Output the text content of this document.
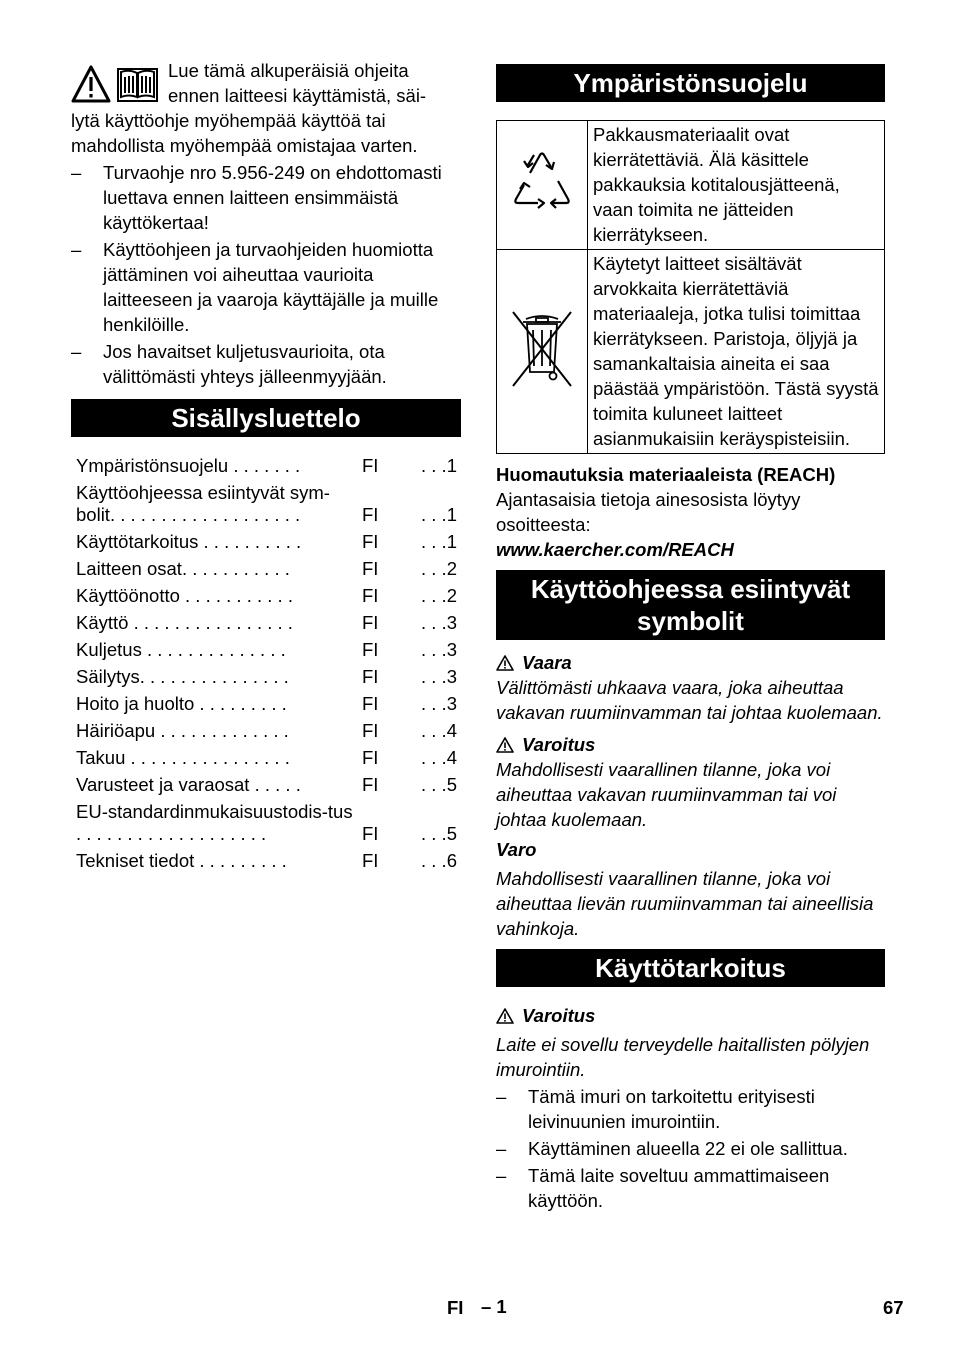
Lue tämä alkuperäisiä ohjeita

ennen laitteesi käyttämistä, säi-

lytä käyttöohje myöhempää käyttöä tai mahdollista myöhempää omistajaa varten.

–	Turvaohje nro 5.956-249 on ehdottomasti luettava ennen laitteen ensimmäistä käyttökertaa!
–	Käyttöohjeen ja turvaohjeiden huomiotta jättäminen voi aiheuttaa vaurioita laitteeseen ja vaaroja käyttäjälle ja muille henkilöille.
–	Jos havaitset kuljetusvaurioita, ota välittömästi yhteys jälleenmyyjään.
Sisällysluettelo
Ympäristönsuojelu . . . . . . .	FI	. . .1
Käyttöohjeessa esiintyvät sym-bolit. . . . . . . . . . . . . . . . . . .	FI	. . .1
Käyttötarkoitus . . . . . . . . . .	FI	. . .1
Laitteen osat. . . . . . . . . . .	FI	. . .2
Käyttöönotto . . . . . . . . . . .	FI	. . .2
Käyttö . . . . . . . . . . . . . . . .	FI	. . .3
Kuljetus . . . . . . . . . . . . . .	FI	. . .3
Säilytys. . . . . . . . . . . . . . .	FI	. . .3
Hoito ja huolto . . . . . . . . .	FI	. . .3
Häiriöapu . . . . . . . . . . . . .	FI	. . .4
Takuu . . . . . . . . . . . . . . . .	FI	. . .4
Varusteet ja varaosat . . . . .	FI	. . .5
EU-standardinmukaisuustodis-tus . . . . . . . . . . . . . . . . . . .	FI	. . .5
Tekniset tiedot . . . . . . . . .	FI	. . .6
Ympäristönsuojelu
	Pakkausmateriaalit ovat kierrätettäviä. Älä käsittele pakkauksia kotitalousjätteenä, vaan toimita ne jätteiden kierrätykseen.
	Käytetyt laitteet sisältävät arvokkaita kierrätettäviä materiaaleja, jotka tulisi toimittaa kierrätykseen. Paristoja, öljyjä ja samankaltaisia aineita ei saa päästää ympäristöön. Tästä syystä toimita kuluneet laitteet asianmukaisiin keräyspisteisiin.

Huomautuksia materiaaleista (REACH)

Ajantasaisia tietoja ainesosista löytyy osoitteesta:

www.kaercher.com/REACH

Käyttöohjeessa esiintyvät
symbolit
Vaara

Välittömästi uhkaava vaara, joka aiheuttaa vakavan ruumiinvamman tai johtaa kuolemaan.

Varoitus

Mahdollisesti vaarallinen tilanne, joka voi aiheuttaa vakavan ruumiinvamman tai voi johtaa kuolemaan.

Varo

Mahdollisesti vaarallinen tilanne, joka voi aiheuttaa lievän ruumiinvamman tai aineellisia vahinkoja.

Käyttötarkoitus
Varoitus

Laite ei sovellu terveydelle haitallisten pölyjen imurointiin.

–	Tämä imuri on tarkoitettu erityisesti leivinuunien imurointiin.
–	Käyttäminen alueella 22 ei ole sallittua.
–	Tämä laite soveltuu ammattimaiseen käyttöön.
FI – 1	67
